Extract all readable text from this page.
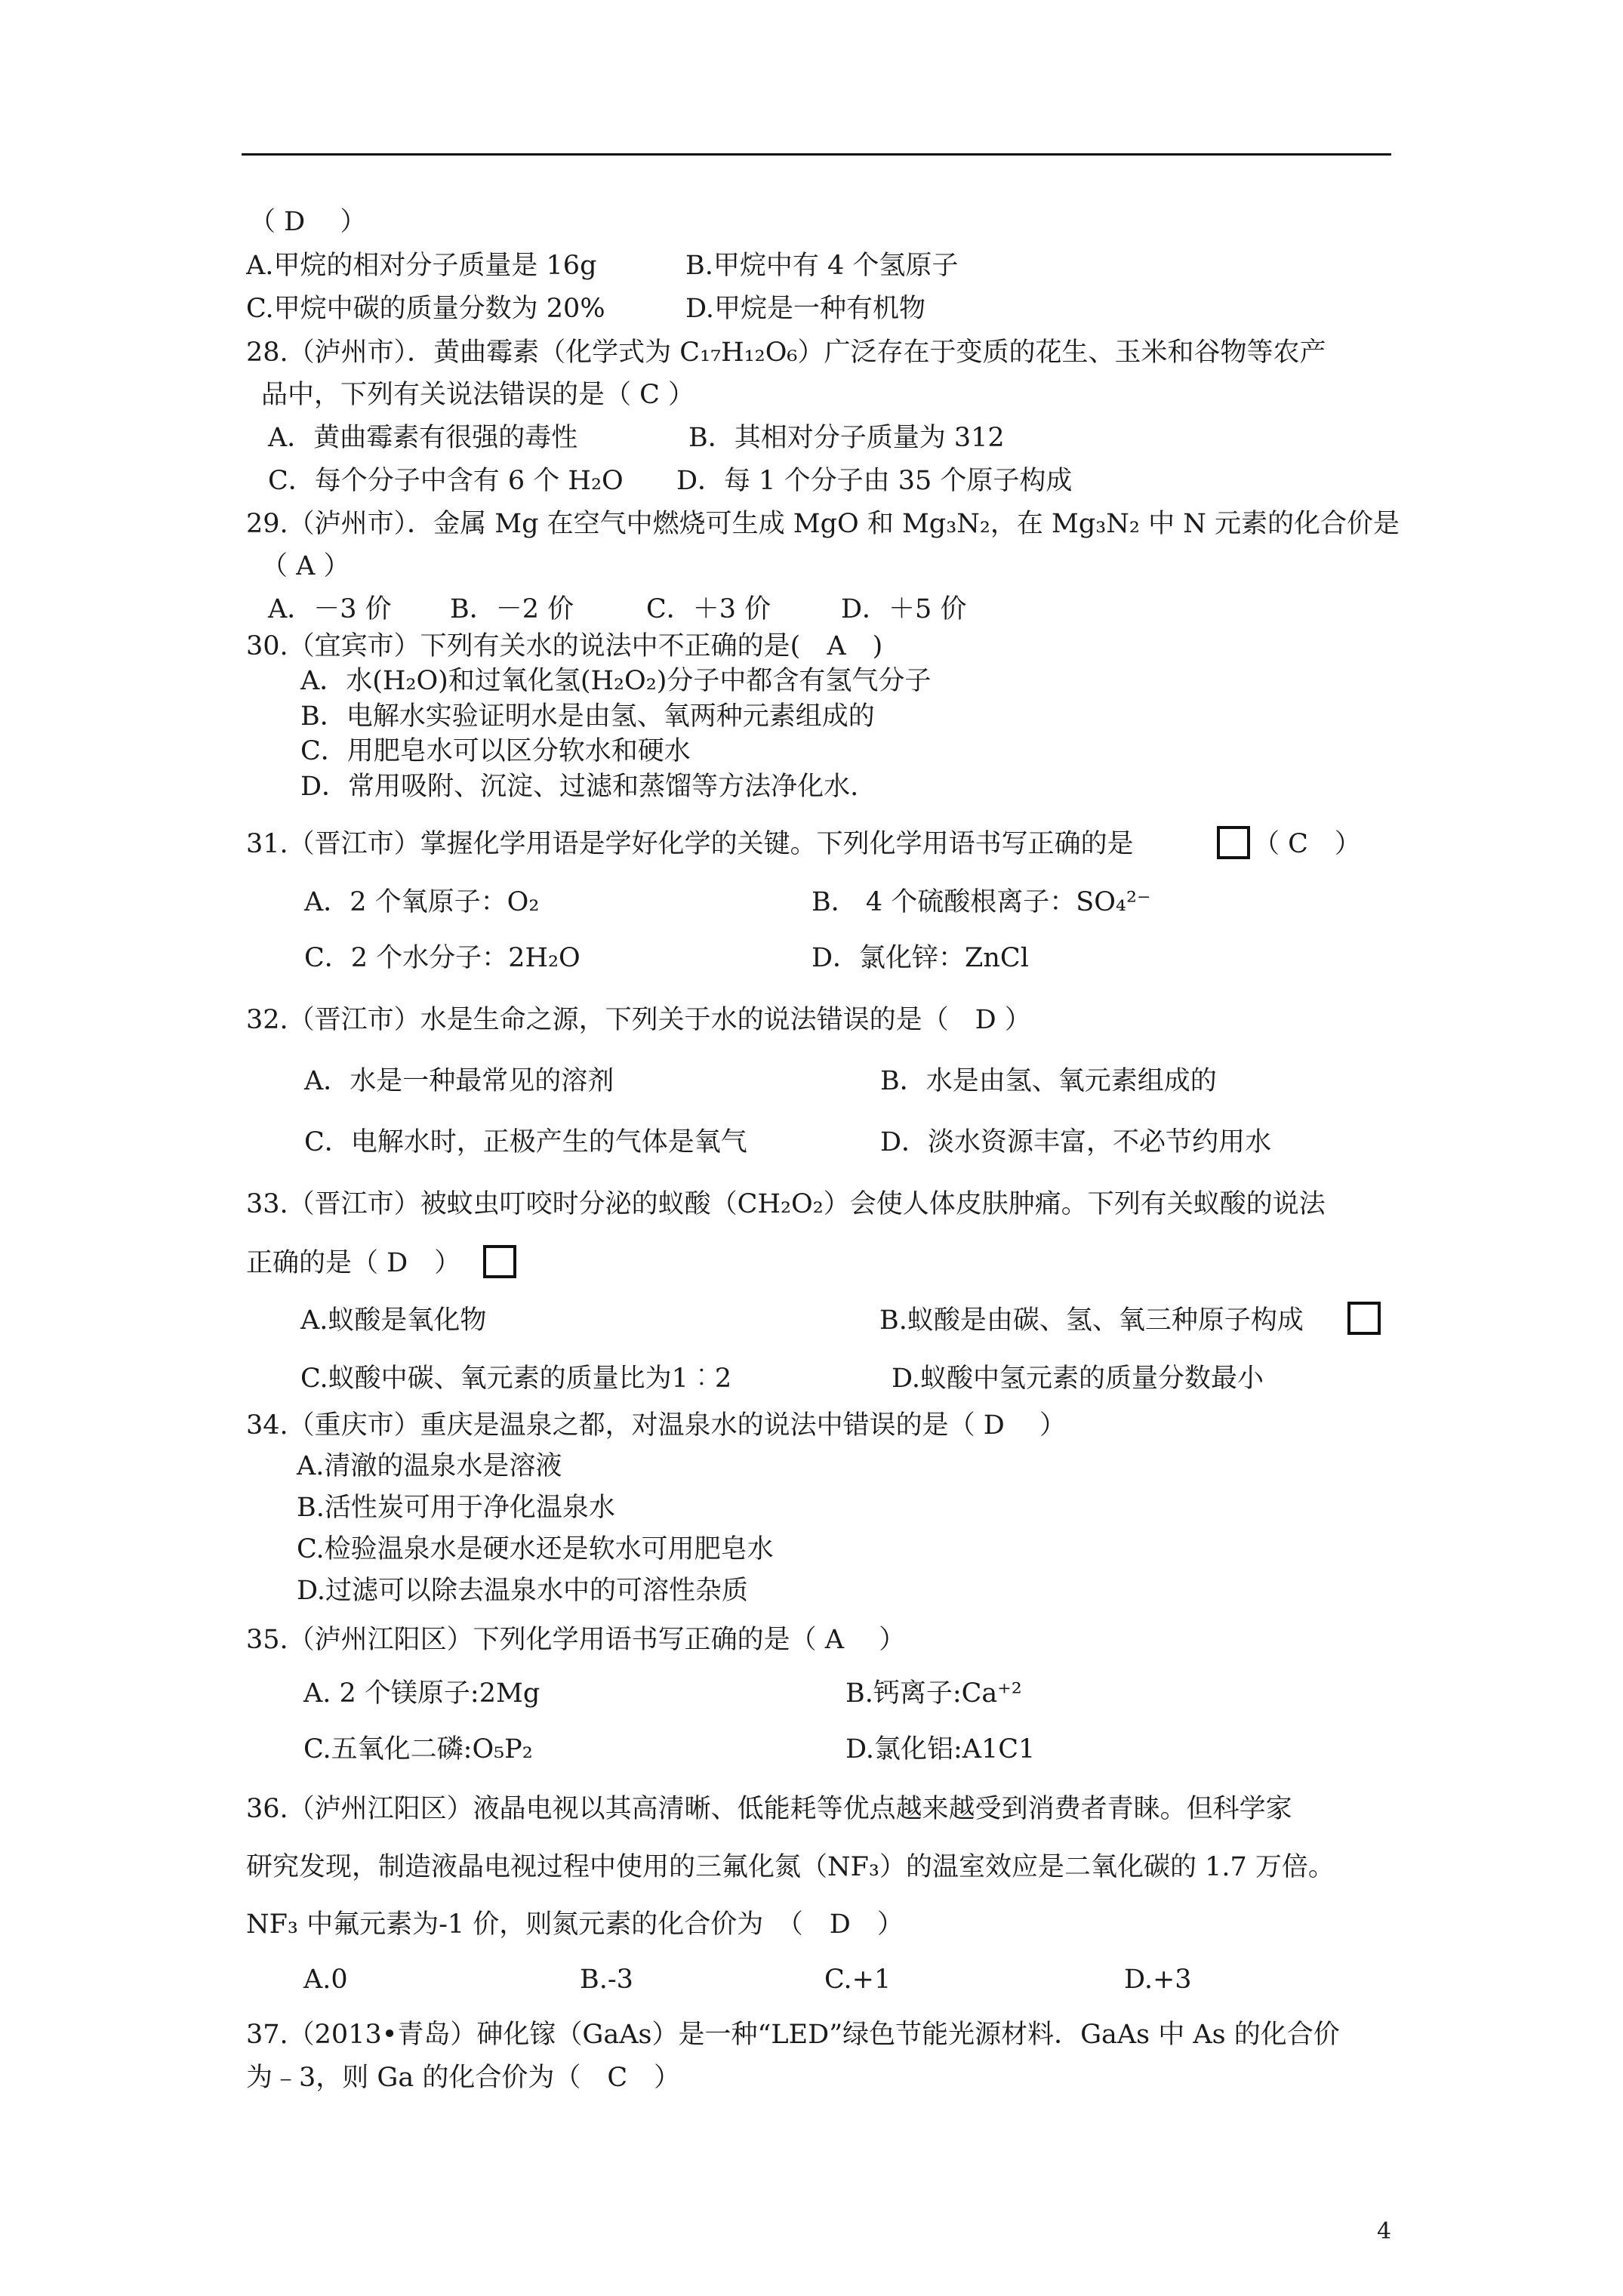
（ D　 ）
A.甲烷的相对分子质量是 16g	B.甲烷中有 4 个氢原子
C.甲烷中碳的质量分数为 20%	D.甲烷是一种有机物
28.（泸州市）．黄曲霉素（化学式为 C₁₇H₁₂O₆）广泛存在于变质的花生、玉米和谷物等农产
品中，下列有关说法错误的是（ C ）
A．黄曲霉素有很强的毒性	B．其相对分子质量为 312
C．每个分子中含有 6 个 H₂O D．每 1 个分子由 35 个原子构成
29.（泸州市）．金属 Mg 在空气中燃烧可生成 MgO 和 Mg₃N₂，在 Mg₃N₂ 中 N 元素的化合价是
（ A ）
A．－3 价 B．－2 价	C．＋3 价	D．＋5 价
30.（宜宾市）下列有关水的说法中不正确的是(　A　)
A．水(H₂O)和过氧化氢(H₂O₂)分子中都含有氢气分子
B．电解水实验证明水是由氢、氧两种元素组成的
C．用肥皂水可以区分软水和硬水
D．常用吸附、沉淀、过滤和蒸馏等方法净化水.
31.（晋江市）掌握化学用语是学好化学的关键。下列化学用语书写正确的是	（ C　）
A．2 个氧原子：O₂	B． 4 个硫酸根离子：SO₄²⁻
C．2 个水分子：2H₂O	D．氯化锌：ZnCl
32.（晋江市）水是生命之源，下列关于水的说法错误的是（　D ）
A．水是一种最常见的溶剂	B．水是由氢、氧元素组成的
C．电解水时，正极产生的气体是氧气	D．淡水资源丰富，不必节约用水
33.（晋江市）被蚊虫叮咬时分泌的蚁酸（CH₂O₂）会使人体皮肤肿痛。下列有关蚁酸的说法
正确的是（ D　）
A.蚁酸是氧化物	B.蚁酸是由碳、氢、氧三种原子构成
C.蚁酸中碳、氧元素的质量比为1︰2	D.蚁酸中氢元素的质量分数最小
34.（重庆市）重庆是温泉之都，对温泉水的说法中错误的是（ D　 ）
A.清澈的温泉水是溶液
B.活性炭可用于净化温泉水
C.检验温泉水是硬水还是软水可用肥皂水
D.过滤可以除去温泉水中的可溶性杂质
35.（泸州江阳区）下列化学用语书写正确的是（ A　 ）
A. 2 个镁原子:2Mg	B.钙离子:Ca⁺²
C.五氧化二磷:O₅P₂	D.氯化铝:A1C1
36.（泸州江阳区）液晶电视以其高清晰、低能耗等优点越来越受到消费者青睐。但科学家
研究发现，制造液晶电视过程中使用的三氟化氮（NF₃）的温室效应是二氧化碳的 1.7 万倍。
NF₃ 中氟元素为-1 价，则氮元素的化合价为　（　D　）
A.0	B.-3	C.+1	D.+3
37.（2013•青岛）砷化镓（GaAs）是一种“LED”绿色节能光源材料．GaAs 中 As 的化合价
为﹣3，则 Ga 的化合价为（　C　）
4
